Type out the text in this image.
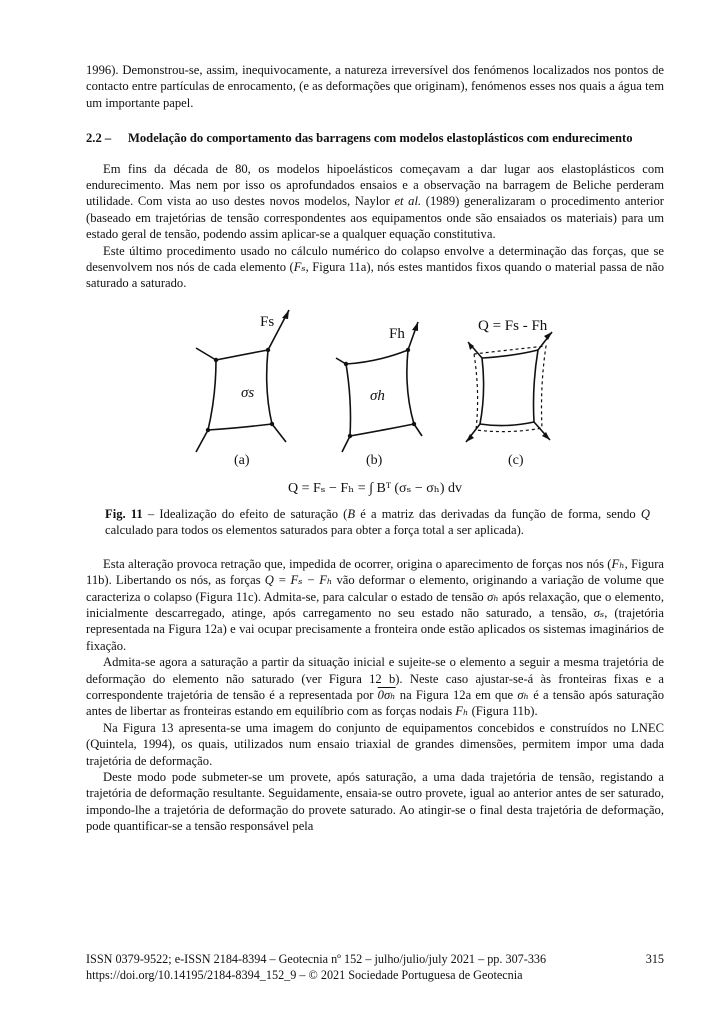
1996). Demonstrou-se, assim, inequivocamente, a natureza irreversível dos fenómenos localizados nos pontos de contacto entre partículas de enrocamento, (e as deformações que originam), fenómenos esses nos quais a água tem um importante papel.

2.2 –	Modelação do comportamento das barragens com modelos elastoplásticos com endurecimento

Em fins da década de 80, os modelos hipoelásticos começavam a dar lugar aos elastoplásticos com endurecimento. Mas nem por isso os aprofundados ensaios e a observação na barragem de Beliche perderam utilidade. Com vista ao uso destes novos modelos, Naylor et al. (1989) generalizaram o procedimento anterior (baseado em trajetórias de tensão correspondentes aos equipamentos onde são ensaiados os materiais) para um estado geral de tensão, podendo assim aplicar-se a qualquer equação constitutiva.

Este último procedimento usado no cálculo numérico do colapso envolve a determinação das forças, que se desenvolvem nos nós de cada elemento (Fₛ, Figura 11a), nós estes mantidos fixos quando o material passa de não saturado a saturado.

Fs
σs
(a)
Fh
σh
(b)
Q = Fs - Fh
(c)
Q = Fₛ − Fₕ = ∫ Bᵀ (σₛ − σₕ) dv
Fig. 11 – Idealização do efeito de saturação (B é a matriz das derivadas da função de forma, sendo Q calculado para todos os elementos saturados para obter a força total a ser aplicada).

Esta alteração provoca retração que, impedida de ocorrer, origina o aparecimento de forças nos nós (Fₕ, Figura 11b). Libertando os nós, as forças Q = Fₛ − Fₕ vão deformar o elemento, originando a variação de volume que caracteriza o colapso (Figura 11c). Admita-se, para calcular o estado de tensão σₕ após relaxação, que o elemento, inicialmente descarregado, atinge, após carregamento no seu estado não saturado, a tensão, σₛ, (trajetória representada na Figura 12a) e vai ocupar precisamente a fronteira onde estão aplicados os sistemas imaginários de fixação.

Admita-se agora a saturação a partir da situação inicial e sujeite-se o elemento a seguir a mesma trajetória de deformação do elemento não saturado (ver Figura 12 b). Neste caso ajustar-se-á às fronteiras fixas e a correspondente trajetória de tensão é a representada por 0σₕ na Figura 12a em que σₕ é a tensão após saturação antes de libertar as fronteiras estando em equilíbrio com as forças nodais Fₕ (Figura 11b).

Na Figura 13 apresenta-se uma imagem do conjunto de equipamentos concebidos e construídos no LNEC (Quintela, 1994), os quais, utilizados num ensaio triaxial de grandes dimensões, permitem impor uma dada trajetória de deformação.

Deste modo pode submeter-se um provete, após saturação, a uma dada trajetória de tensão, registando a trajetória de deformação resultante. Seguidamente, ensaia-se outro provete, igual ao anterior antes de ser saturado, impondo-lhe a trajetória de deformação do provete saturado. Ao atingir-se o final desta trajetória de deformação, pode quantificar-se a tensão responsável pela

ISSN 0379-9522; e-ISSN 2184-8394 – Geotecnia nº 152 – julho/julio/july 2021 – pp. 307-336	315
https://doi.org/10.14195/2184-8394_152_9 – © 2021 Sociedade Portuguesa de Geotecnia
